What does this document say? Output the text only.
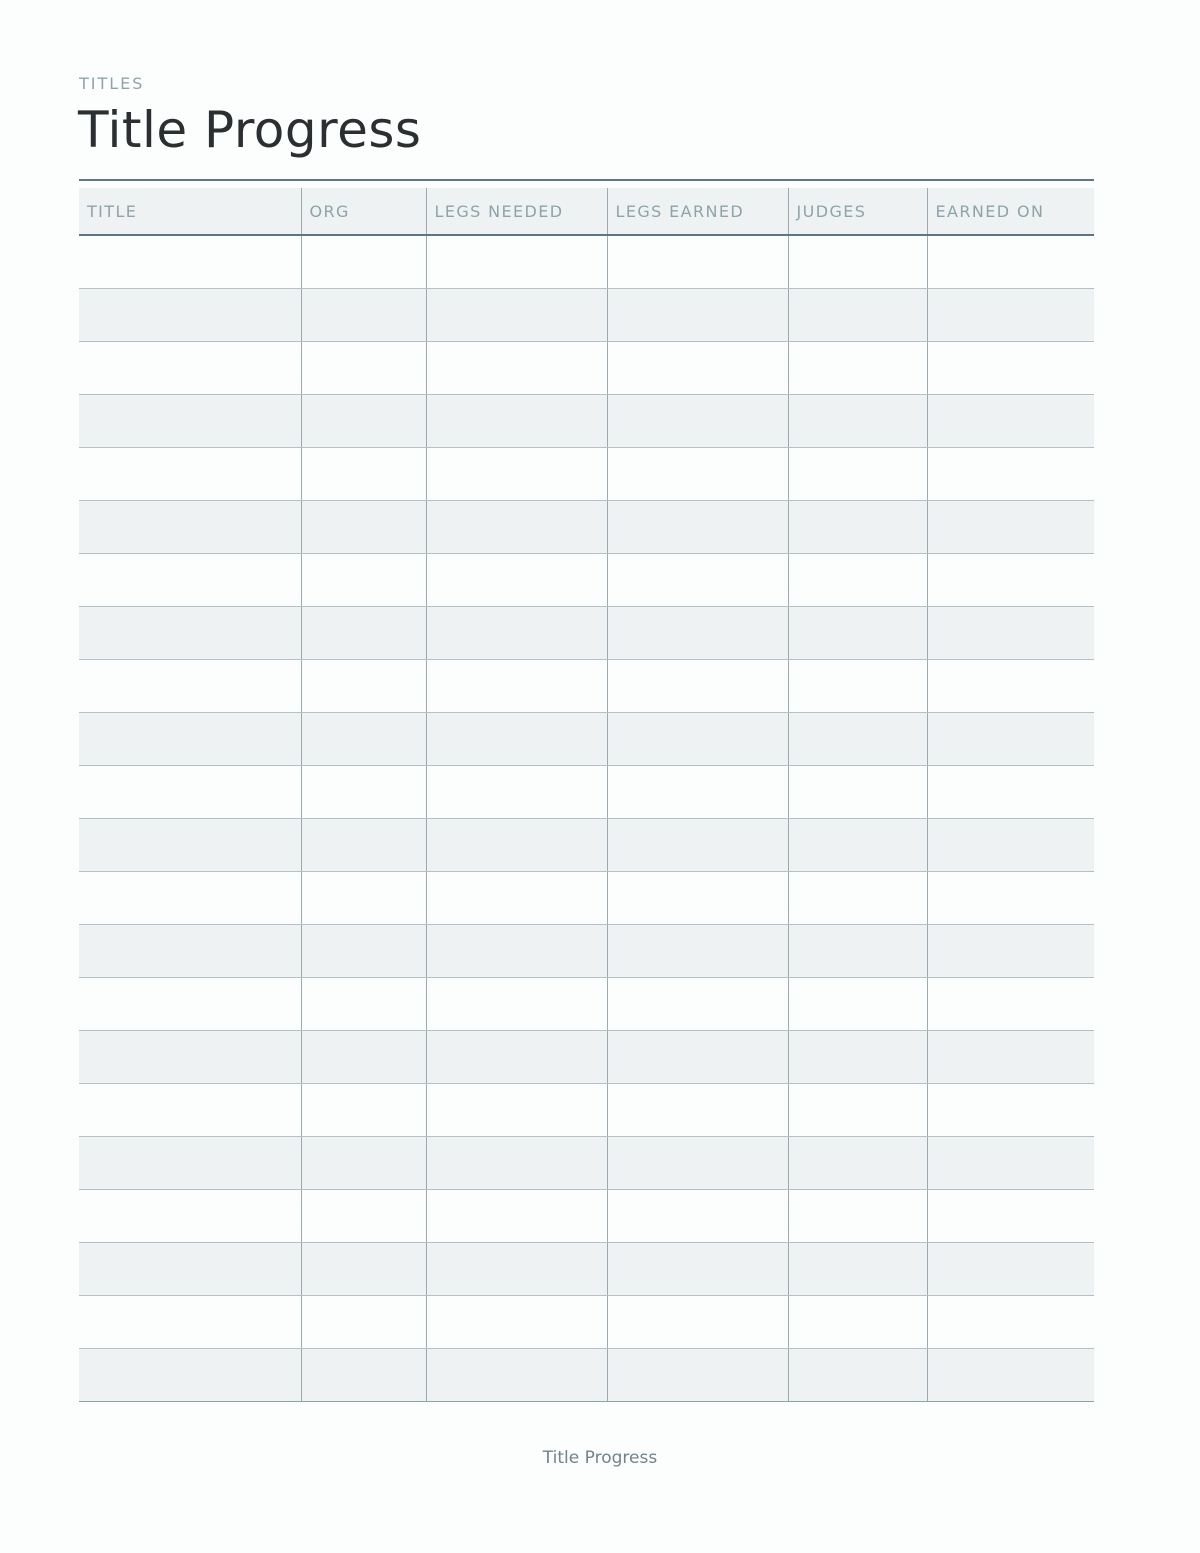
TITLES
Title Progress
TITLE	ORG	LEGS NEEDED	LEGS EARNED	JUDGES	EARNED ON

Title Progress
